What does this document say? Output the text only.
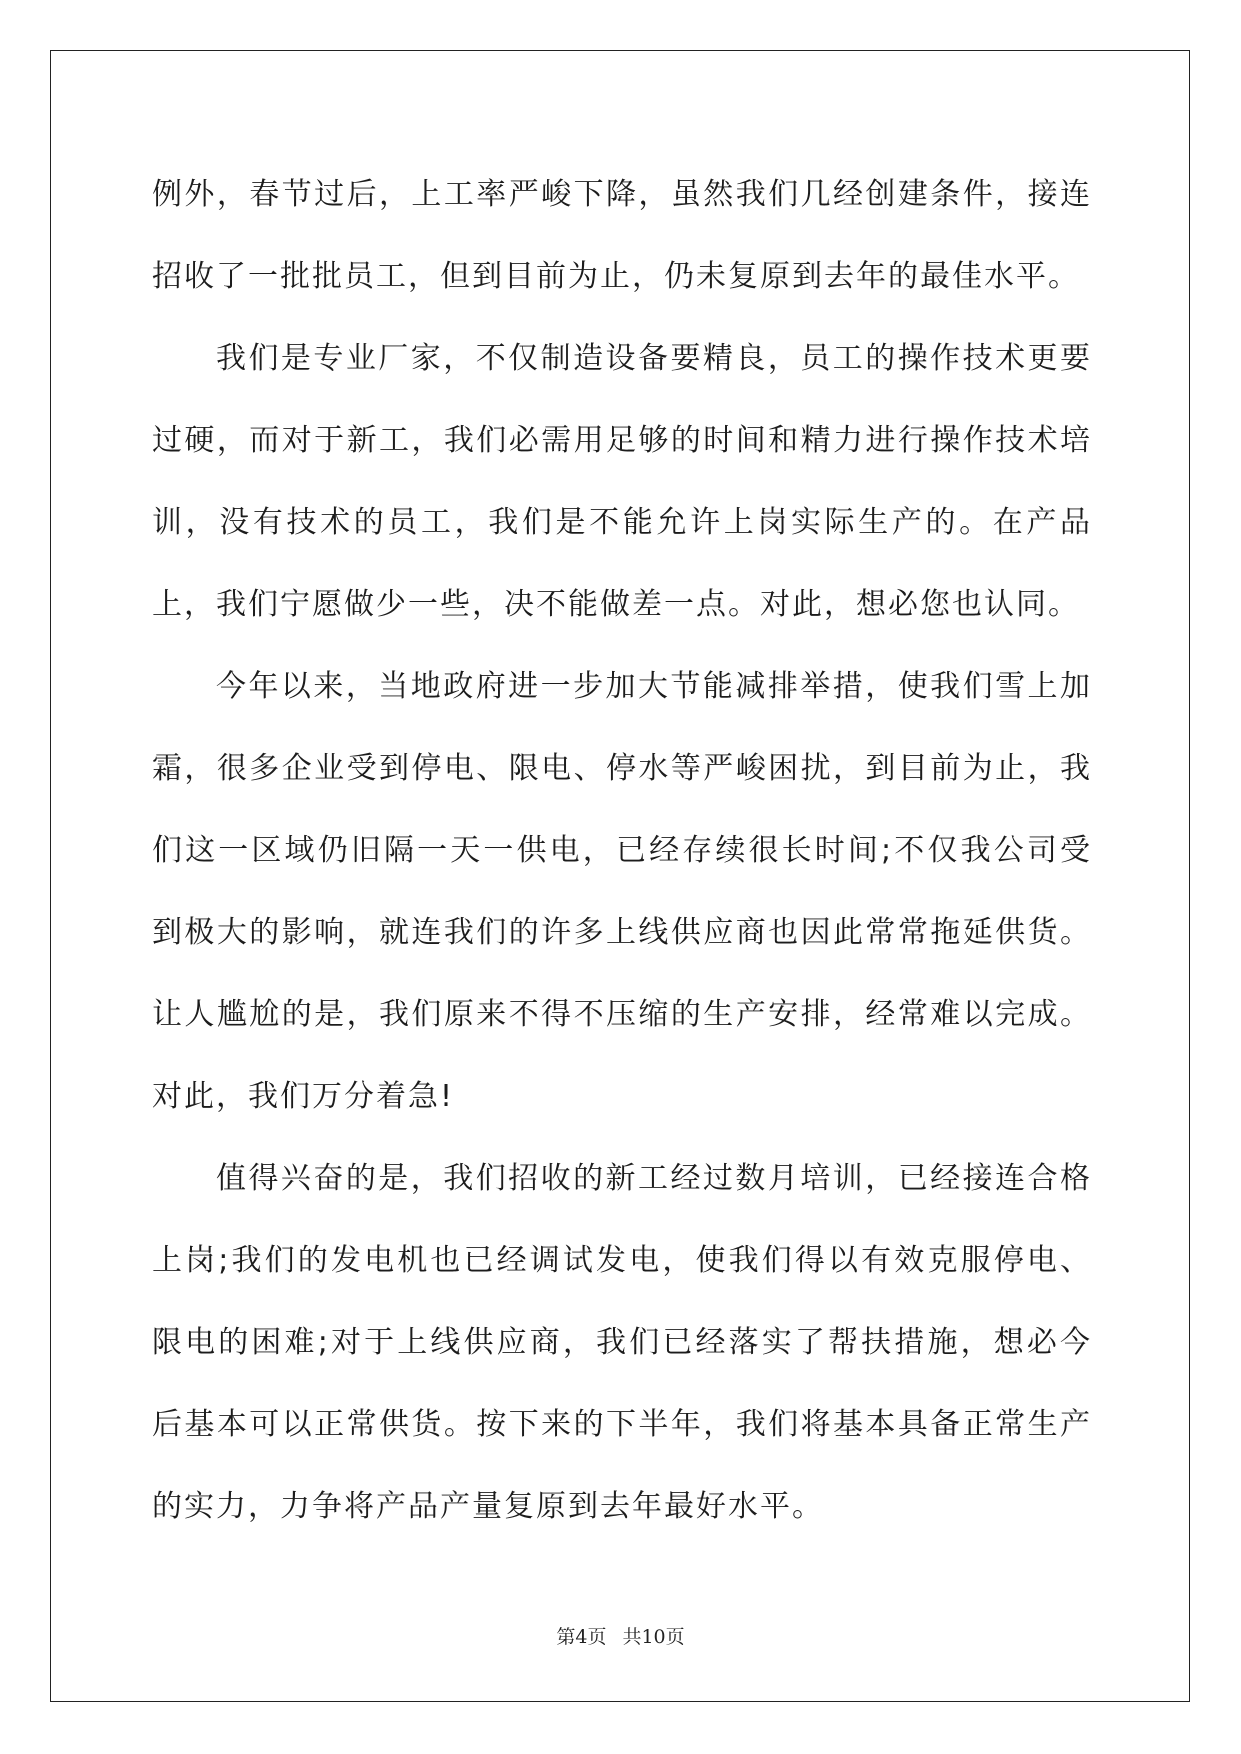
例外，春节过后，上工率严峻下降，虽然我们几经创建条件，接连招收了一批批员工，但到目前为止，仍未复原到去年的最佳水平。

我们是专业厂家，不仅制造设备要精良，员工的操作技术更要过硬，而对于新工，我们必需用足够的时间和精力进行操作技术培训，没有技术的员工，我们是不能允许上岗实际生产的。在产品上，我们宁愿做少一些，决不能做差一点。对此，想必您也认同。

今年以来，当地政府进一步加大节能减排举措，使我们雪上加霜，很多企业受到停电、限电、停水等严峻困扰，到目前为止，我们这一区域仍旧隔一天一供电，已经存续很长时间;不仅我公司受到极大的影响，就连我们的许多上线供应商也因此常常拖延供货。让人尴尬的是，我们原来不得不压缩的生产安排，经常难以完成。对此，我们万分着急!

值得兴奋的是，我们招收的新工经过数月培训，已经接连合格上岗;我们的发电机也已经调试发电，使我们得以有效克服停电、限电的困难;对于上线供应商，我们已经落实了帮扶措施，想必今后基本可以正常供货。按下来的下半年，我们将基本具备正常生产的实力，力争将产品产量复原到去年最好水平。

第4页 共10页
